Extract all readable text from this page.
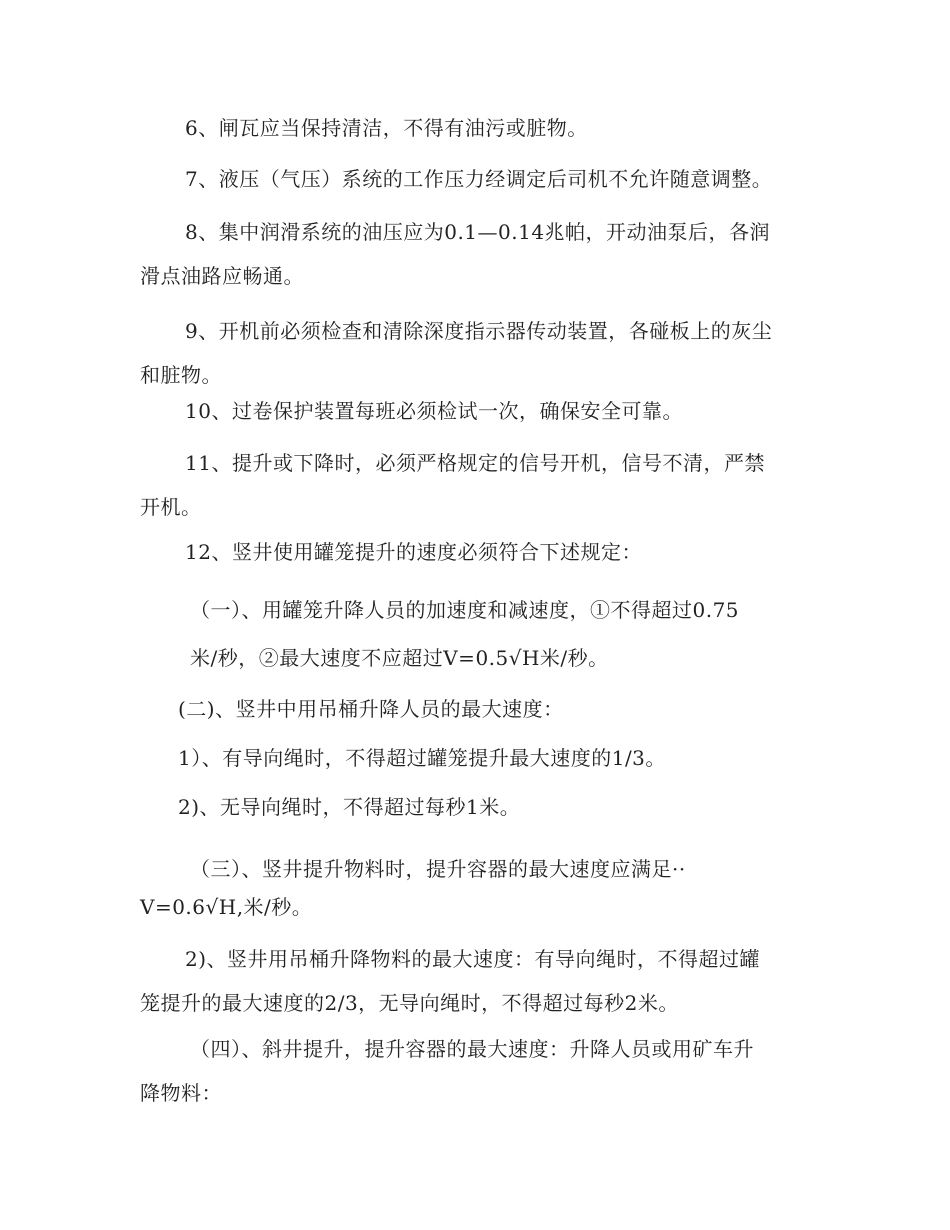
6、闸瓦应当保持清洁，不得有油污或脏物。

7、液压（气压）系统的工作压力经调定后司机不允许随意调整。

8、集中润滑系统的油压应为0.1—0.14兆帕，开动油泵后，各润
滑点油路应畅通。

9、开机前必须检查和清除深度指示器传动装置，各碰板上的灰尘
和脏物。

10、过卷保护装置每班必须检试一次，确保安全可靠。

11、提升或下降时，必须严格规定的信号开机，信号不清，严禁
开机。

12、竖井使用罐笼提升的速度必须符合下述规定：

（一）、用罐笼升降人员的加速度和减速度，①不得超过0.75

米/秒，②最大速度不应超过V=0.5√H米/秒。

(二)、竖井中用吊桶升降人员的最大速度：

1）、有导向绳时，不得超过罐笼提升最大速度的1/3。

2)、无导向绳时，不得超过每秒1米。

（三）、竖井提升物料时，提升容器的最大速度应满足··
V=0.6√H,米/秒。

2)、竖井用吊桶升降物料的最大速度：有导向绳时，不得超过罐
笼提升的最大速度的2/3，无导向绳时，不得超过每秒2米。

（四）、斜井提升，提升容器的最大速度：升降人员或用矿车升
降物料：
